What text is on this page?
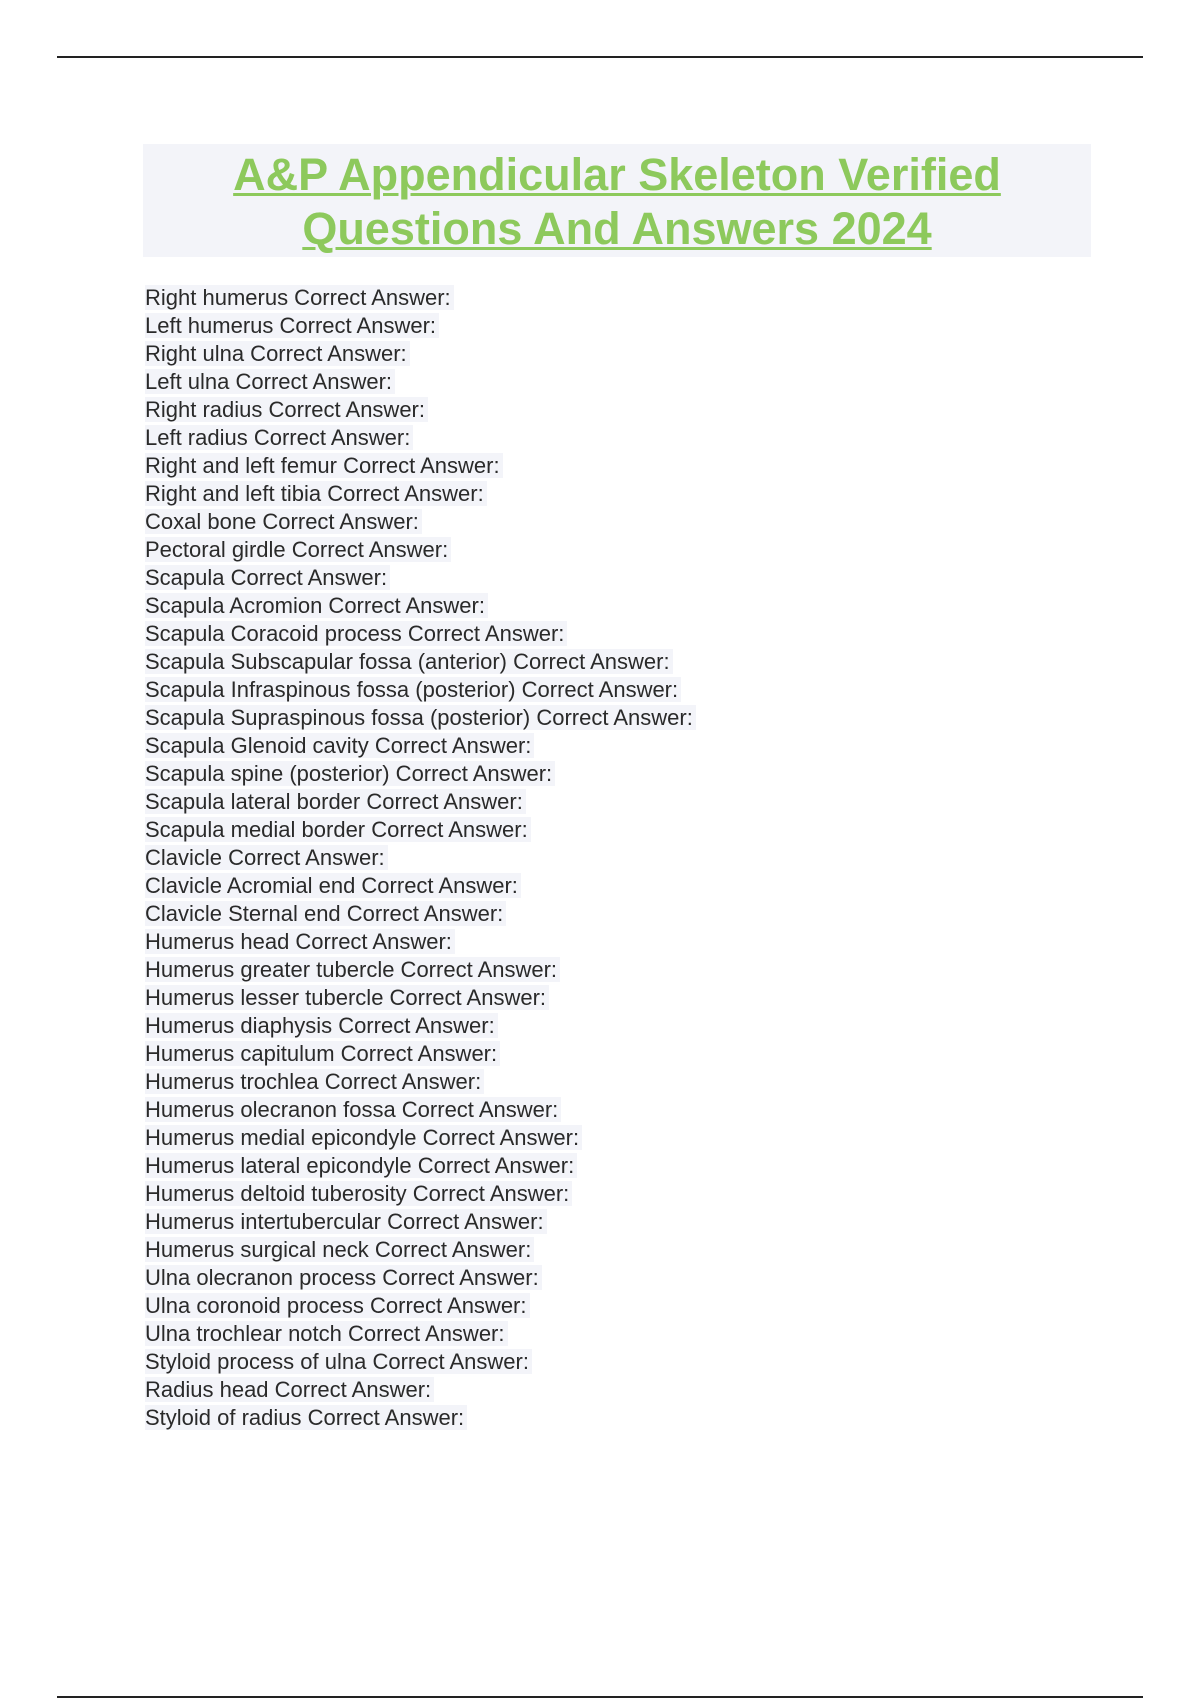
A&P Appendicular Skeleton Verified
Questions And Answers 2024
Right humerus Correct Answer:
Left humerus Correct Answer:
Right ulna Correct Answer:
Left ulna Correct Answer:
Right radius Correct Answer:
Left radius Correct Answer:
Right and left femur Correct Answer:
Right and left tibia Correct Answer:
Coxal bone Correct Answer:
Pectoral girdle Correct Answer:
Scapula Correct Answer:
Scapula Acromion Correct Answer:
Scapula Coracoid process Correct Answer:
Scapula Subscapular fossa (anterior) Correct Answer:
Scapula Infraspinous fossa (posterior) Correct Answer:
Scapula Supraspinous fossa (posterior) Correct Answer:
Scapula Glenoid cavity Correct Answer:
Scapula spine (posterior) Correct Answer:
Scapula lateral border Correct Answer:
Scapula medial border Correct Answer:
Clavicle Correct Answer:
Clavicle Acromial end Correct Answer:
Clavicle Sternal end Correct Answer:
Humerus head Correct Answer:
Humerus greater tubercle Correct Answer:
Humerus lesser tubercle Correct Answer:
Humerus diaphysis Correct Answer:
Humerus capitulum Correct Answer:
Humerus trochlea Correct Answer:
Humerus olecranon fossa Correct Answer:
Humerus medial epicondyle Correct Answer:
Humerus lateral epicondyle Correct Answer:
Humerus deltoid tuberosity Correct Answer:
Humerus intertubercular Correct Answer:
Humerus surgical neck Correct Answer:
Ulna olecranon process Correct Answer:
Ulna coronoid process Correct Answer:
Ulna trochlear notch Correct Answer:
Styloid process of ulna Correct Answer:
Radius head Correct Answer:
Styloid of radius Correct Answer:
